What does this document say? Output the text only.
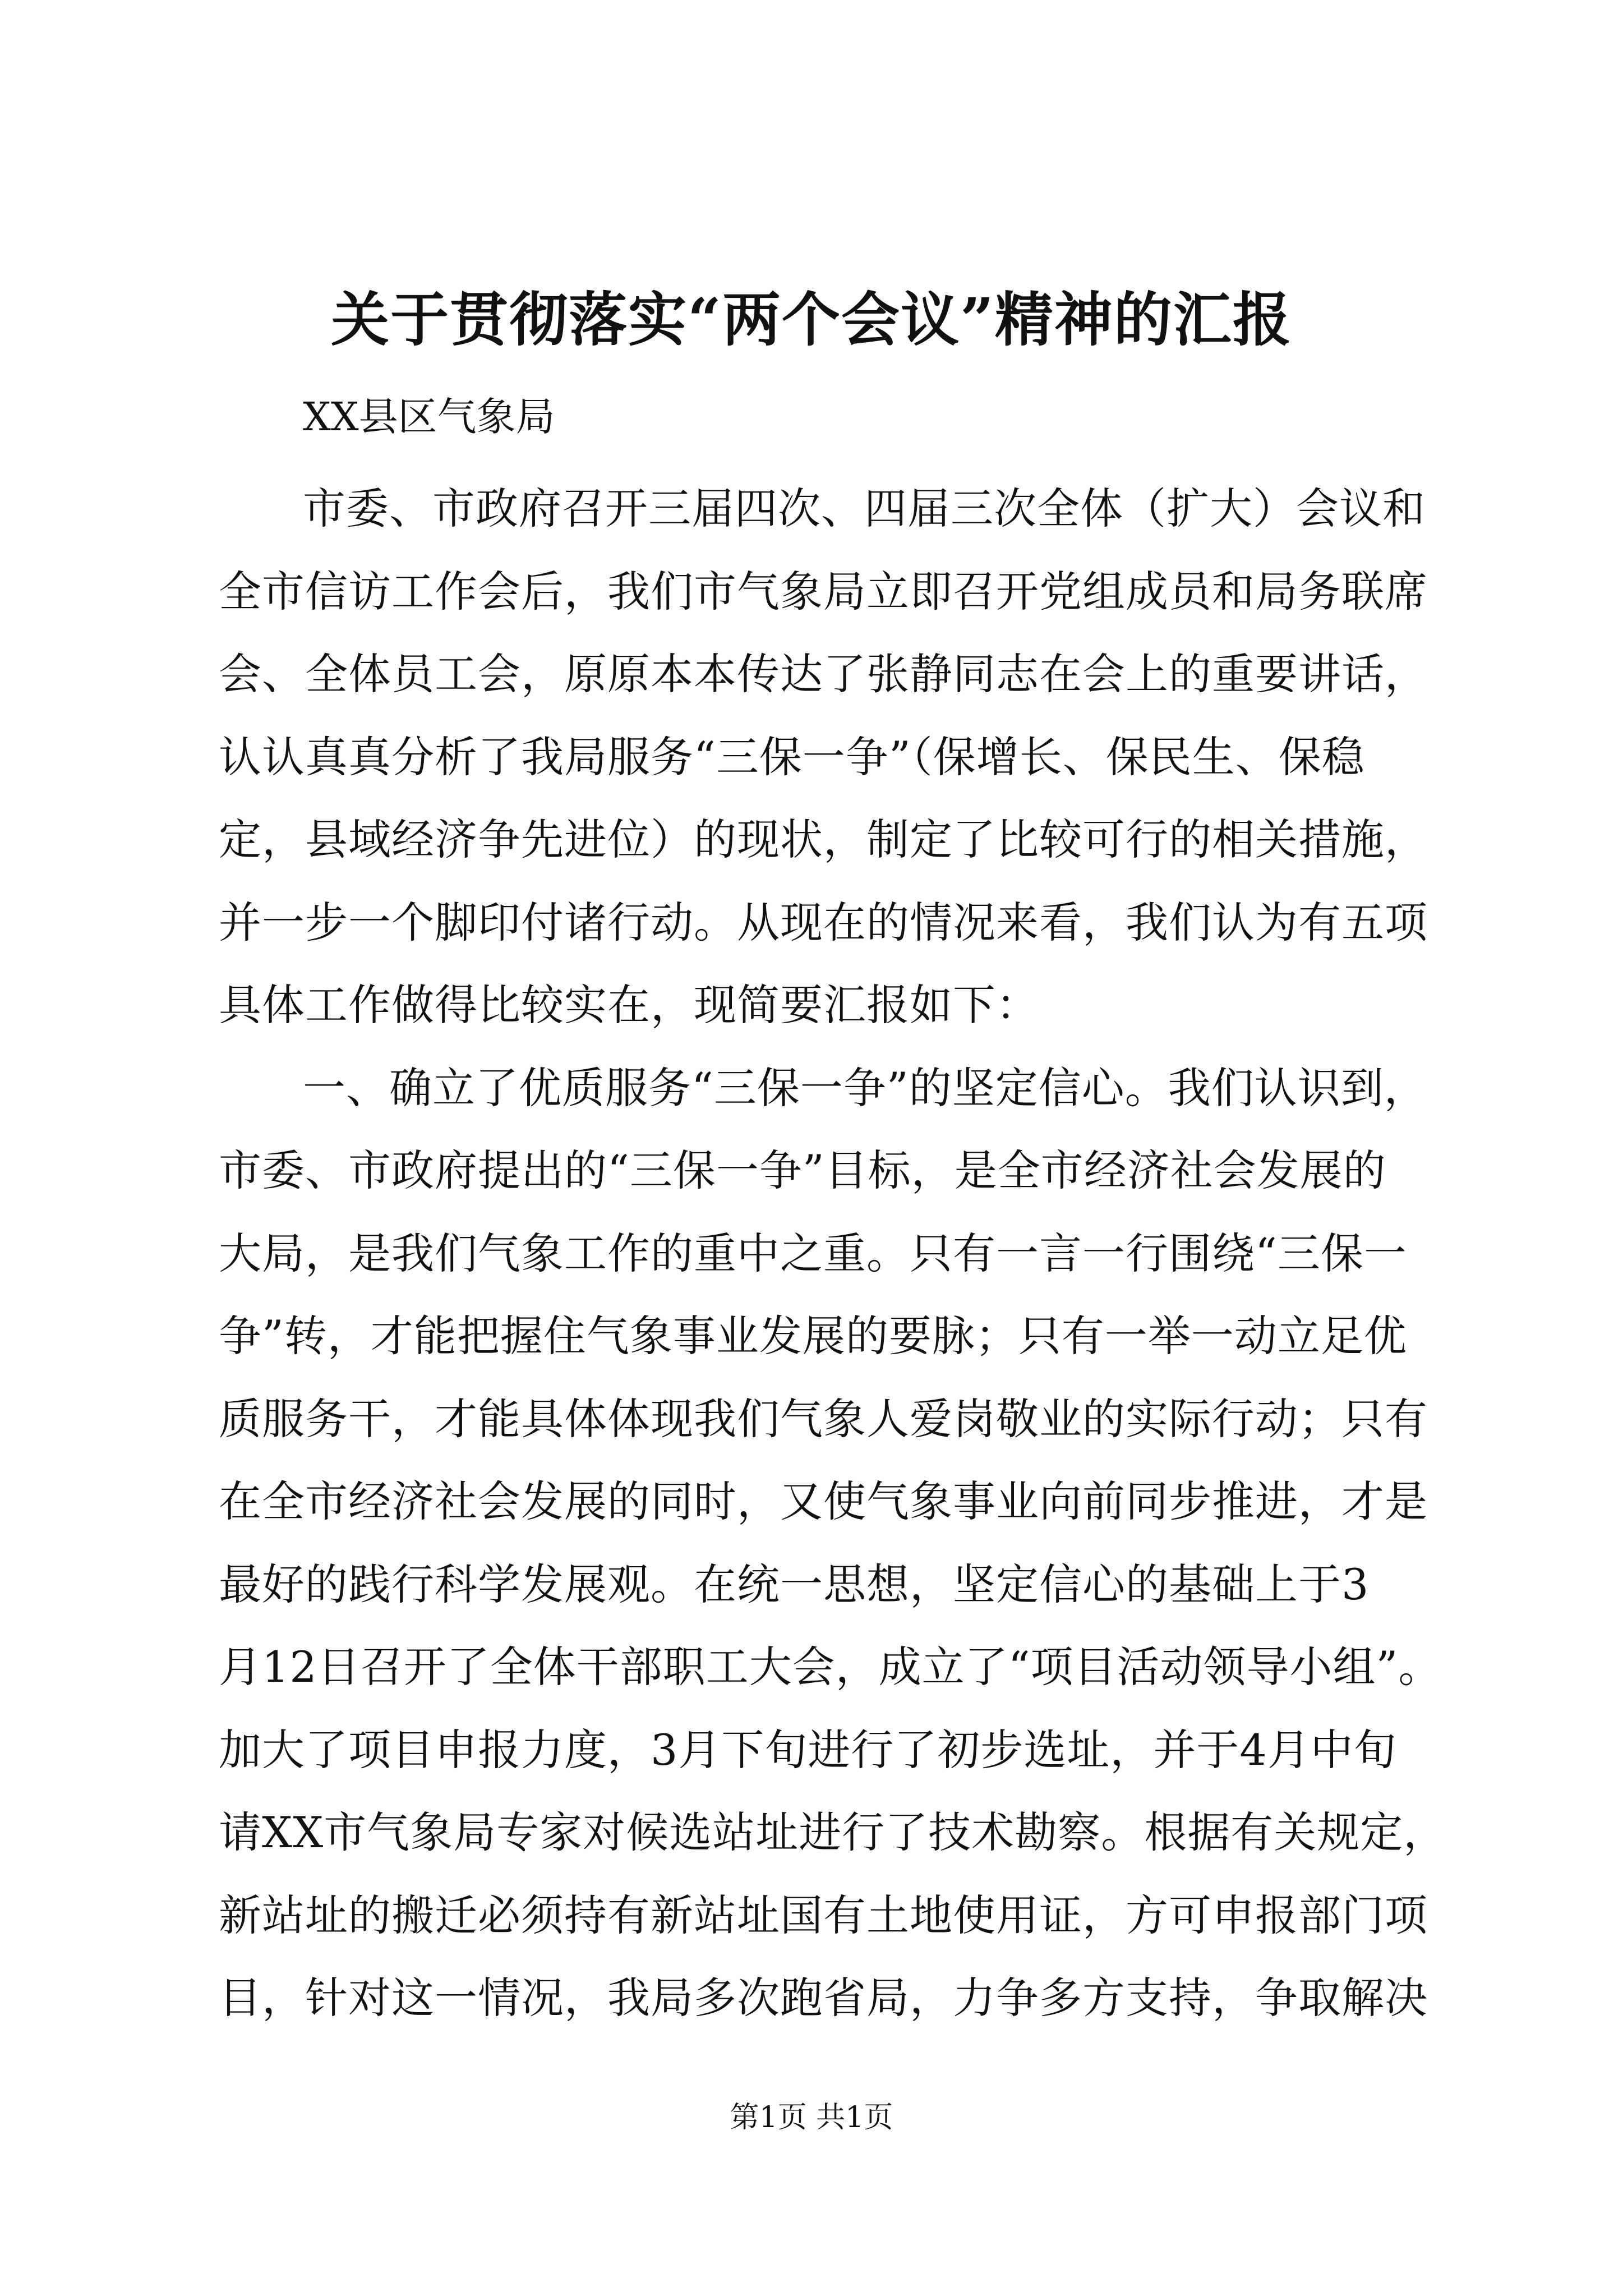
关于贯彻落实“两个会议”精神的汇报
XX县区气象局
市委、市政府召开三届四次、四届三次全体（扩大）会议和
全市信访工作会后，我们市气象局立即召开党组成员和局务联席
会、全体员工会，原原本本传达了张静同志在会上的重要讲话，
认认真真分析了我局服务“三保一争”（保增长、保民生、保稳
定，县域经济争先进位）的现状，制定了比较可行的相关措施，
并一步一个脚印付诸行动。从现在的情况来看，我们认为有五项
具体工作做得比较实在，现简要汇报如下：
一、确立了优质服务“三保一争”的坚定信心。我们认识到，
市委、市政府提出的“三保一争”目标，是全市经济社会发展的
大局，是我们气象工作的重中之重。只有一言一行围绕“三保一
争”转，才能把握住气象事业发展的要脉；只有一举一动立足优
质服务干，才能具体体现我们气象人爱岗敬业的实际行动；只有
在全市经济社会发展的同时，又使气象事业向前同步推进，才是
最好的践行科学发展观。在统一思想，坚定信心的基础上于3
月12日召开了全体干部职工大会，成立了“项目活动领导小组”。
加大了项目申报力度，3月下旬进行了初步选址，并于4月中旬
请XX市气象局专家对候选站址进行了技术勘察。根据有关规定，
新站址的搬迁必须持有新站址国有土地使用证，方可申报部门项
目，针对这一情况，我局多次跑省局，力争多方支持，争取解决
第1页 共1页
